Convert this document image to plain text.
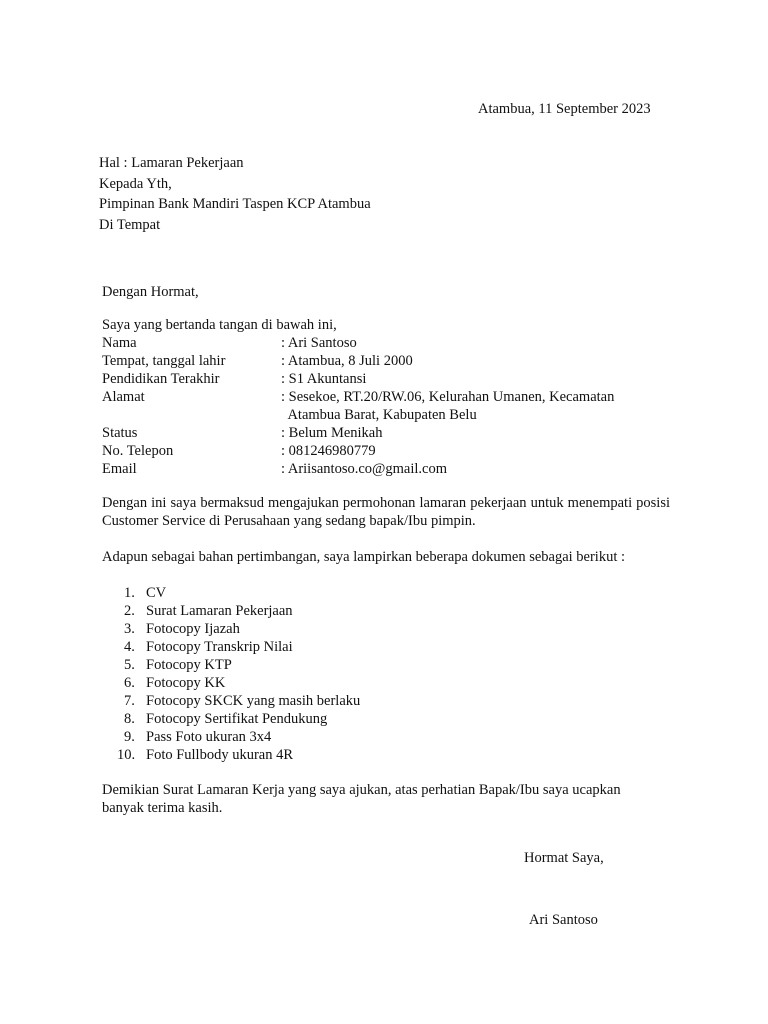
Atambua, 11 September 2023
Hal : Lamaran Pekerjaan
Kepada Yth,
Pimpinan Bank Mandiri Taspen KCP Atambua
Di Tempat
Dengan Hormat,
Saya yang bertanda tangan di bawah ini,
Nama	: Ari Santoso
Tempat, tanggal lahir	: Atambua, 8 Juli 2000
Pendidikan Terakhir	: S1 Akuntansi
Alamat	: Sesekoe, RT.20/RW.06, Kelurahan Umanen, Kecamatan
Atambua Barat, Kabupaten Belu
Status	: Belum Menikah
No. Telepon	: 081246980779
Email	: Ariisantoso.co@gmail.com
Dengan ini saya bermaksud mengajukan permohonan lamaran pekerjaan untuk menempati posisi Customer Service di Perusahaan yang sedang bapak/Ibu pimpin.
Adapun sebagai bahan pertimbangan, saya lampirkan beberapa dokumen sebagai berikut :
1. CV
2. Surat Lamaran Pekerjaan
3. Fotocopy Ijazah
4. Fotocopy Transkrip Nilai
5. Fotocopy KTP
6. Fotocopy KK
7. Fotocopy SKCK yang masih berlaku
8. Fotocopy Sertifikat Pendukung
9. Pass Foto ukuran 3x4
10. Foto Fullbody ukuran 4R
Demikian Surat Lamaran Kerja yang saya ajukan, atas perhatian Bapak/Ibu saya ucapkan banyak terima kasih.
Hormat Saya,
Ari Santoso
